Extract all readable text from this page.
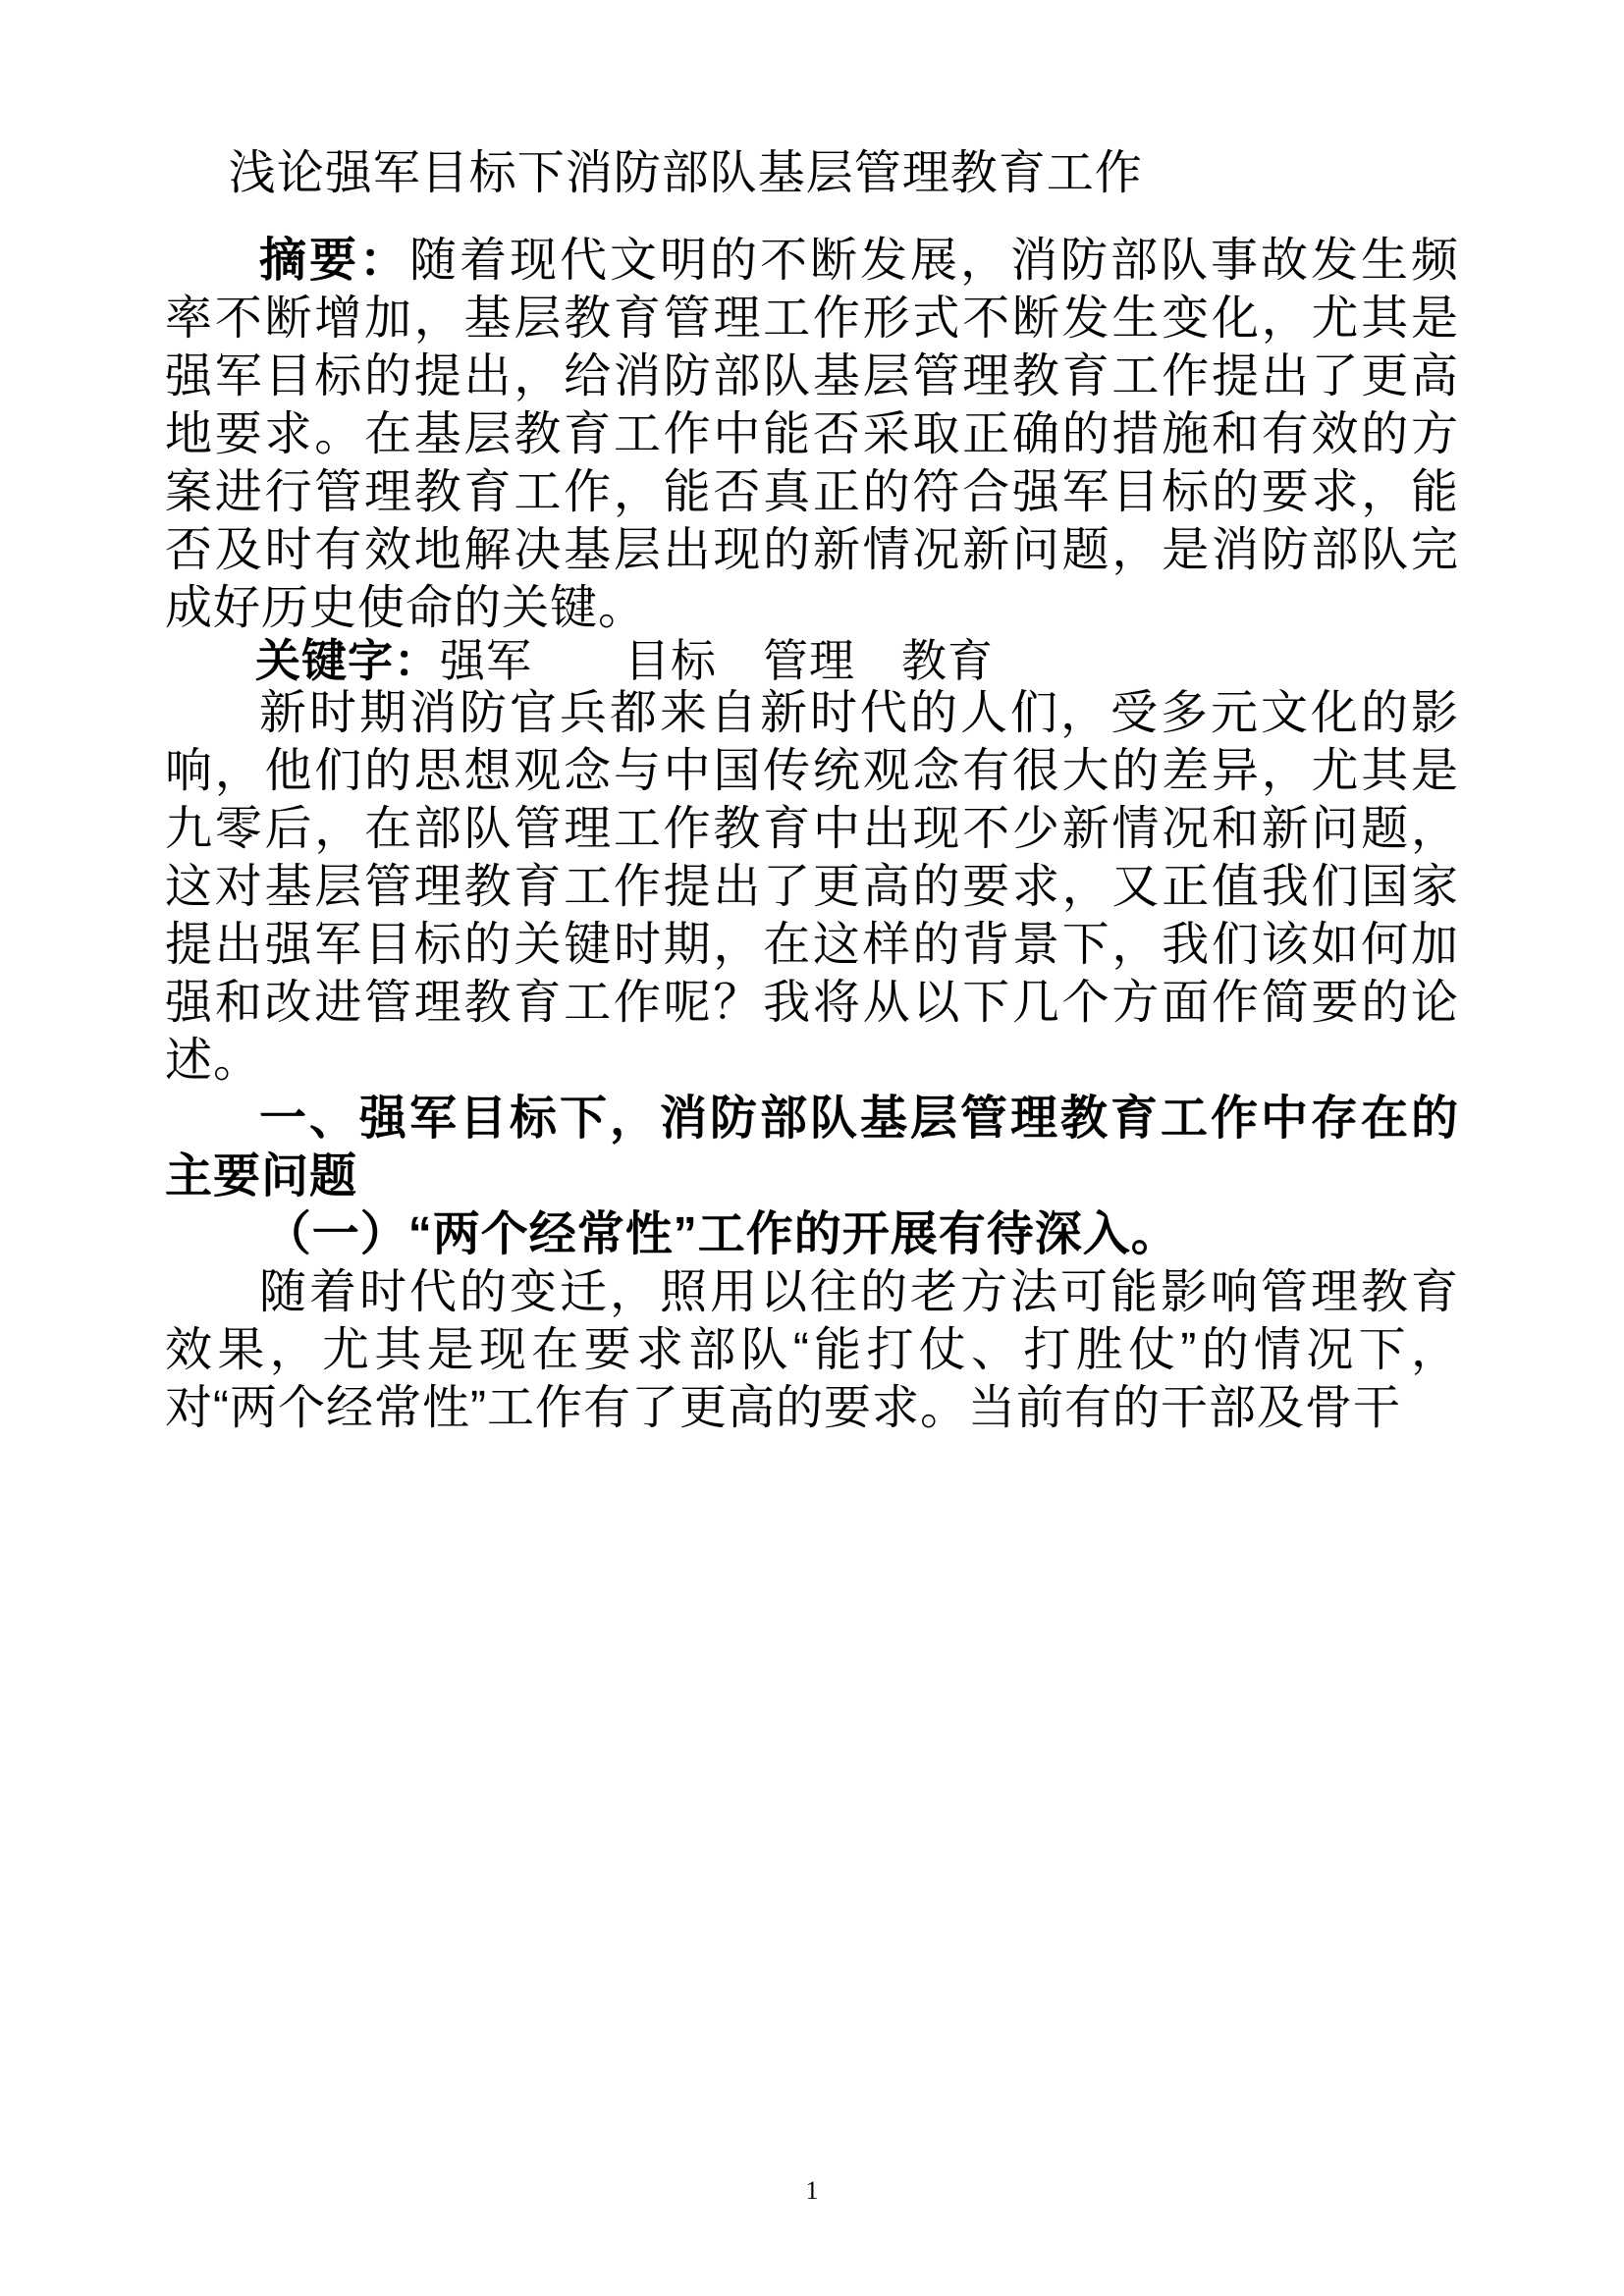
浅论强军目标下消防部队基层管理教育工作

摘要：随着现代文明的不断发展，消防部队事故发生频率不断增加，基层教育管理工作形式不断发生变化，尤其是强军目标的提出，给消防部队基层管理教育工作提出了更高地要求。在基层教育工作中能否采取正确的措施和有效的方案进行管理教育工作，能否真正的符合强军目标的要求，能否及时有效地解决基层出现的新情况新问题，是消防部队完成好历史使命的关键。

关键字：强军　　目标　管理　教育

新时期消防官兵都来自新时代的人们，受多元文化的影响，他们的思想观念与中国传统观念有很大的差异，尤其是九零后，在部队管理工作教育中出现不少新情况和新问题，这对基层管理教育工作提出了更高的要求，又正值我们国家提出强军目标的关键时期，在这样的背景下，我们该如何加强和改进管理教育工作呢？我将从以下几个方面作简要的论述。

一、强军目标下，消防部队基层管理教育工作中存在的主要问题
（一）“两个经常性”工作的开展有待深入。

随着时代的变迁，照用以往的老方法可能影响管理教育效果，尤其是现在要求部队“能打仗、打胜仗”的情况下，对“两个经常性”工作有了更高的要求。当前有的干部及骨干

1
